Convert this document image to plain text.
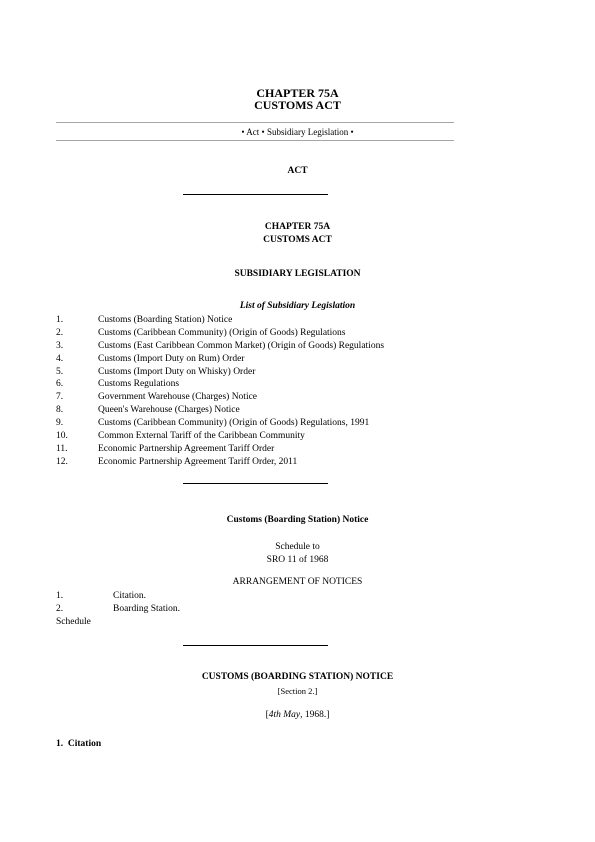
CHAPTER 75A
CUSTOMS ACT
• Act • Subsidiary Legislation •
ACT
CHAPTER 75A
CUSTOMS ACT
SUBSIDIARY LEGISLATION
List of Subsidiary Legislation
1.	Customs (Boarding Station) Notice
2.	Customs (Caribbean Community) (Origin of Goods) Regulations
3.	Customs (East Caribbean Common Market) (Origin of Goods) Regulations
4.	Customs (Import Duty on Rum) Order
5.	Customs (Import Duty on Whisky) Order
6.	Customs Regulations
7.	Government Warehouse (Charges) Notice
8.	Queen's Warehouse (Charges) Notice
9.	Customs (Caribbean Community) (Origin of Goods) Regulations, 1991
10.	Common External Tariff of the Caribbean Community
11.	Economic Partnership Agreement Tariff Order
12.	Economic Partnership Agreement Tariff Order, 2011
Customs (Boarding Station) Notice
Schedule to
SRO 11 of 1968
ARRANGEMENT OF NOTICES
1.	Citation.
2.	Boarding Station.
Schedule
CUSTOMS (BOARDING STATION) NOTICE
[Section 2.]
[4th May, 1968.]
1. Citation
